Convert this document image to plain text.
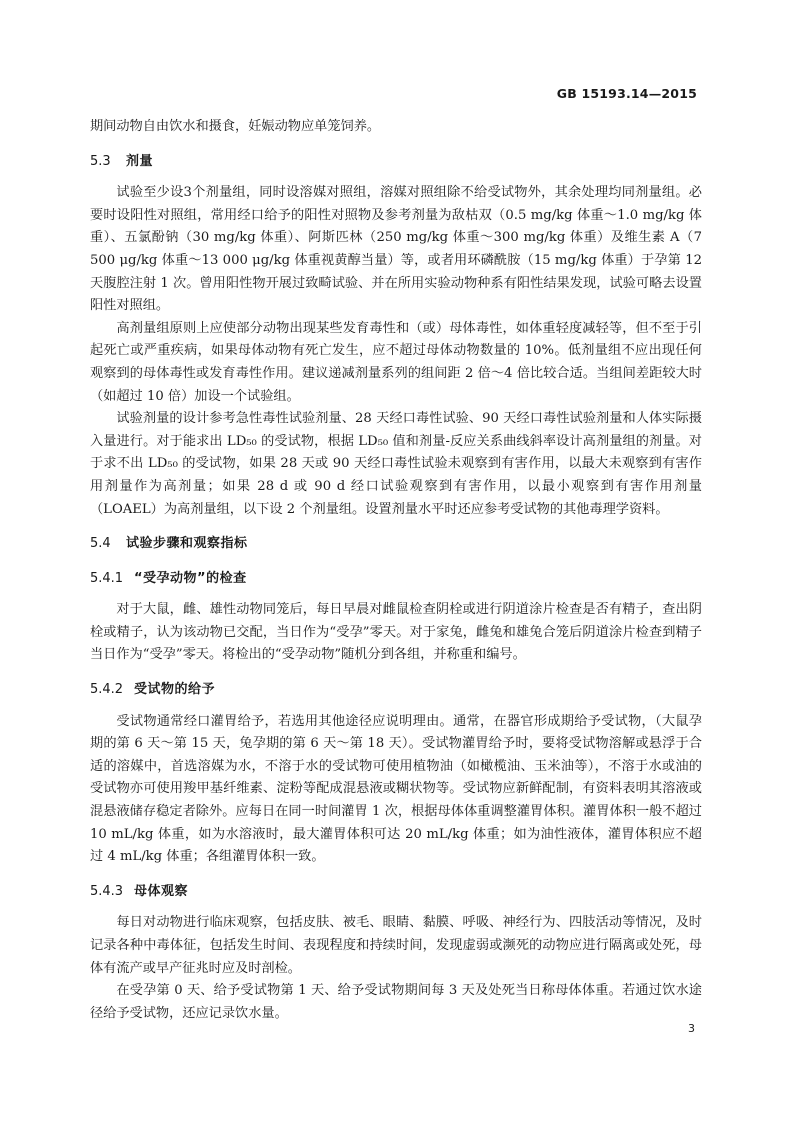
GB 15193.14—2015

期间动物自由饮水和摄食，妊娠动物应单笼饲养。

5.3 剂量

试验至少设3个剂量组，同时设溶媒对照组，溶媒对照组除不给受试物外，其余处理均同剂量组。必要时设阳性对照组，常用经口给予的阳性对照物及参考剂量为敌枯双（0.5 mg/kg 体重～1.0 mg/kg 体重）、五氯酚钠（30 mg/kg 体重）、阿斯匹林（250 mg/kg 体重～300 mg/kg 体重）及维生素 A（7 500 μg/kg 体重～13 000 μg/kg 体重视黄醇当量）等，或者用环磷酰胺（15 mg/kg 体重）于孕第 12 天腹腔注射 1 次。曾用阳性物开展过致畸试验、并在所用实验动物种系有阳性结果发现，试验可略去设置阳性对照组。

高剂量组原则上应使部分动物出现某些发育毒性和（或）母体毒性，如体重轻度减轻等，但不至于引起死亡或严重疾病，如果母体动物有死亡发生，应不超过母体动物数量的 10%。低剂量组不应出现任何观察到的母体毒性或发育毒性作用。建议递减剂量系列的组间距 2 倍～4 倍比较合适。当组间差距较大时（如超过 10 倍）加设一个试验组。

试验剂量的设计参考急性毒性试验剂量、28 天经口毒性试验、90 天经口毒性试验剂量和人体实际摄入量进行。对于能求出 LD₅₀ 的受试物，根据 LD₅₀ 值和剂量-反应关系曲线斜率设计高剂量组的剂量。对于求不出 LD₅₀ 的受试物，如果 28 天或 90 天经口毒性试验未观察到有害作用，以最大未观察到有害作用剂量作为高剂量；如果 28 d 或 90 d 经口试验观察到有害作用，以最小观察到有害作用剂量（LOAEL）为高剂量组，以下设 2 个剂量组。设置剂量水平时还应参考受试物的其他毒理学资料。

5.4 试验步骤和观察指标
5.4.1 “受孕动物”的检查

对于大鼠，雌、雄性动物同笼后，每日早晨对雌鼠检查阴栓或进行阴道涂片检查是否有精子，查出阴栓或精子，认为该动物已交配，当日作为“受孕”零天。对于家兔，雌兔和雄兔合笼后阴道涂片检查到精子当日作为“受孕”零天。将检出的“受孕动物”随机分到各组，并称重和编号。

5.4.2 受试物的给予

受试物通常经口灌胃给予，若选用其他途径应说明理由。通常，在器官形成期给予受试物，（大鼠孕期的第 6 天～第 15 天，兔孕期的第 6 天～第 18 天）。受试物灌胃给予时，要将受试物溶解或悬浮于合适的溶媒中，首选溶媒为水，不溶于水的受试物可使用植物油（如橄榄油、玉米油等），不溶于水或油的受试物亦可使用羧甲基纤维素、淀粉等配成混悬液或糊状物等。受试物应新鲜配制，有资料表明其溶液或混悬液储存稳定者除外。应每日在同一时间灌胃 1 次，根据母体体重调整灌胃体积。灌胃体积一般不超过 10 mL/kg 体重，如为水溶液时，最大灌胃体积可达 20 mL/kg 体重；如为油性液体，灌胃体积应不超过 4 mL/kg 体重；各组灌胃体积一致。

5.4.3 母体观察

每日对动物进行临床观察，包括皮肤、被毛、眼睛、黏膜、呼吸、神经行为、四肢活动等情况，及时记录各种中毒体征，包括发生时间、表现程度和持续时间，发现虚弱或濒死的动物应进行隔离或处死，母体有流产或早产征兆时应及时剖检。

在受孕第 0 天、给予受试物第 1 天、给予受试物期间每 3 天及处死当日称母体体重。若通过饮水途径给予受试物，还应记录饮水量。

3
